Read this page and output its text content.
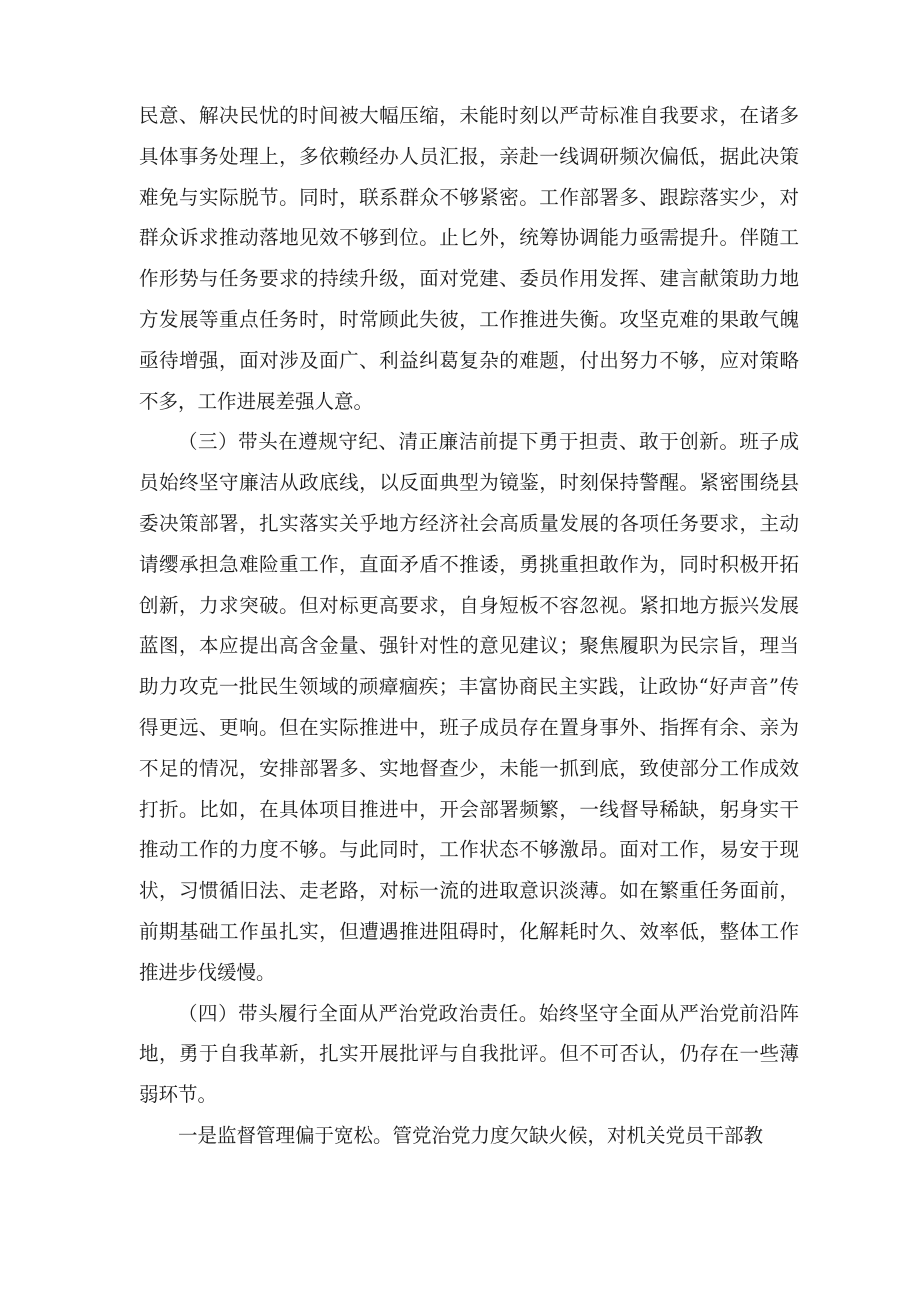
民意、解决民忧的时间被大幅压缩，未能时刻以严苛标准自我要求，在诸多具体事务处理上，多依赖经办人员汇报，亲赴一线调研频次偏低，据此决策难免与实际脱节。同时，联系群众不够紧密。工作部署多、跟踪落实少，对群众诉求推动落地见效不够到位。止匕外，统筹协调能力亟需提升。伴随工作形势与任务要求的持续升级，面对党建、委员作用发挥、建言献策助力地方发展等重点任务时，时常顾此失彼，工作推进失衡。攻坚克难的果敢气魄亟待增强，面对涉及面广、利益纠葛复杂的难题，付出努力不够，应对策略不多，工作进展差强人意。

（三）带头在遵规守纪、清正廉洁前提下勇于担责、敢于创新。班子成员始终坚守廉洁从政底线，以反面典型为镜鉴，时刻保持警醒。紧密围绕县委决策部署，扎实落实关乎地方经济社会高质量发展的各项任务要求，主动请缨承担急难险重工作，直面矛盾不推诿，勇挑重担敢作为，同时积极开拓创新，力求突破。但对标更高要求，自身短板不容忽视。紧扣地方振兴发展蓝图，本应提出高含金量、强针对性的意见建议；聚焦履职为民宗旨，理当助力攻克一批民生领域的顽瘴痼疾；丰富协商民主实践，让政协“好声音”传得更远、更响。但在实际推进中，班子成员存在置身事外、指挥有余、亲为不足的情况，安排部署多、实地督查少，未能一抓到底，致使部分工作成效打折。比如，在具体项目推进中，开会部署频繁，一线督导稀缺，躬身实干推动工作的力度不够。与此同时，工作状态不够激昂。面对工作，易安于现状，习惯循旧法、走老路，对标一流的进取意识淡薄。如在繁重任务面前，前期基础工作虽扎实，但遭遇推进阻碍时，化解耗时久、效率低，整体工作推进步伐缓慢。

（四）带头履行全面从严治党政治责任。始终坚守全面从严治党前沿阵地，勇于自我革新，扎实开展批评与自我批评。但不可否认，仍存在一些薄弱环节。

一是监督管理偏于宽松。管党治党力度欠缺火候，对机关党员干部教
